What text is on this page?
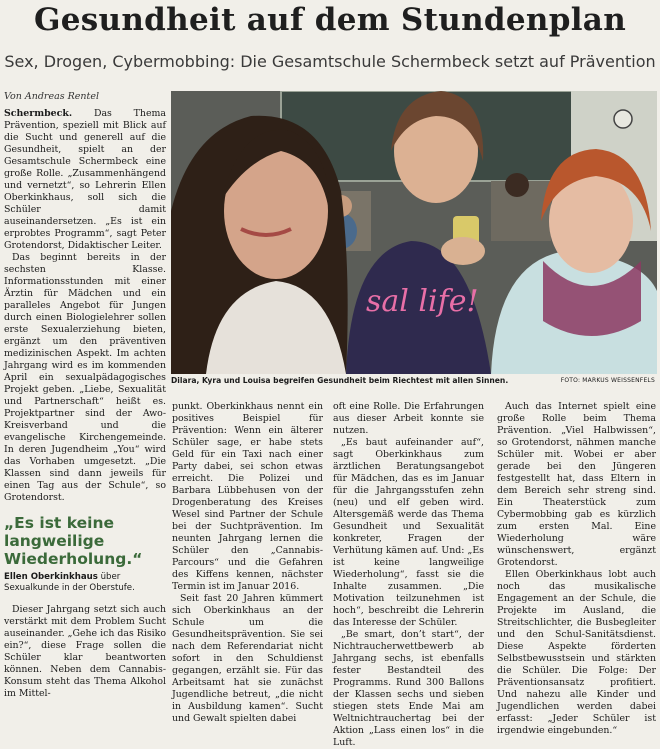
Gesundheit auf dem Stundenplan
Sex, Drogen, Cybermobbing: Die Gesamtschule Schermbeck setzt auf Prävention
Von Andreas Rentel

Schermbeck. Das Thema Prävention, speziell mit Blick auf die Sucht und generell auf die Gesundheit, spielt an der Gesamtschule Schermbeck eine große Rolle. „Zusammenhängend und vernetzt“, so Lehrerin Ellen Oberkinkhaus, soll sich die Schüler damit auseinandersetzen. „Es ist ein erprobtes Programm“, sagt Peter Grotendorst, Didaktischer Leiter.

Das beginnt bereits in der sechsten Klasse. Informationsstunden mit einer Ärztin für Mädchen und ein paralleles Angebot für Jungen durch einen Biologielehrer sollen erste Sexualerziehung bieten, ergänzt um den präventiven medizinischen Aspekt. Im achten Jahrgang wird es im kommenden April ein sexualpädagogisches Projekt geben. „Liebe, Sexualität und Partnerschaft“ heißt es. Projektpartner sind der Awo-Kreisverband und die evangelische Kirchengemeinde. In deren Jugendheim „You“ wird das Vorhaben umgesetzt. „Die Klassen sind dann jeweils für einen Tag aus der Schule“, so Grotendorst.

„Es ist keine langweilige Wiederholung.“
Ellen Oberkinkhaus über Sexualkunde in der Oberstufe.

Dieser Jahrgang setzt sich auch verstärkt mit dem Problem Sucht auseinander. „Gehe ich das Risiko ein?“, diese Frage sollen die Schüler klar beantworten können. Neben dem Cannabis-Konsum steht das Thema Alkohol im Mittel-

sal life!
Dilara, Kyra und Louisa begreifen Gesundheit beim Riechtest mit allen Sinnen.	FOTO: MARKUS WEISSENFELS

punkt. Oberkinkhaus nennt ein positives Beispiel für Prävention: Wenn ein älterer Schüler sage, er habe stets Geld für ein Taxi nach einer Party dabei, sei schon etwas erreicht. Die Polizei und Barbara Lübbehusen von der Drogenberatung des Kreises Wesel sind Partner der Schule bei der Suchtprävention. Im neunten Jahrgang lernen die Schüler den „Cannabis-Parcours“ und die Gefahren des Kiffens kennen, nächster Termin ist im Januar 2016.

Seit fast 20 Jahren kümmert sich Oberkinkhaus an der Schule um die Gesundheitsprävention. Sie sei nach dem Referendariat nicht sofort in den Schuldienst gegangen, erzählt sie. Für das Arbeitsamt hat sie zunächst Jugendliche betreut, „die nicht in Ausbildung kamen“. Sucht und Gewalt spielten dabei

oft eine Rolle. Die Erfahrungen aus dieser Arbeit konnte sie nutzen.

„Es baut aufeinander auf“, sagt Oberkinkhaus zum ärztlichen Beratungsangebot für Mädchen, das es im Januar für die Jahrgangsstufen zehn (neu) und elf geben wird. Altersgemäß werde das Thema Gesundheit und Sexualität konkreter, Fragen der Verhütung kämen auf. Und: „Es ist keine langweilige Wiederholung“, fasst sie die Inhalte zusammen. „Die Motivation teilzunehmen ist hoch“, beschreibt die Lehrerin das Interesse der Schüler.

„Be smart, don’t start“, der Nichtraucherwettbewerb ab Jahrgang sechs, ist ebenfalls fester Bestandteil des Programms. Rund 300 Ballons der Klassen sechs und sieben stiegen stets Ende Mai am Weltnichtrauchertag bei der Aktion „Lass einen los“ in die Luft.

Auch das Internet spielt eine große Rolle beim Thema Prävention. „Viel Halbwissen“, so Grotendorst, nähmen manche Schüler mit. Wobei er aber gerade bei den Jüngeren festgestellt hat, dass Eltern in dem Bereich sehr streng sind. Ein Theaterstück zum Cybermobbing gab es kürzlich zum ersten Mal. Eine Wiederholung wäre wünschenswert, ergänzt Grotendorst.

Ellen Oberkinkhaus lobt auch noch das musikalische Engagement an der Schule, die Projekte im Ausland, die Streitschlichter, die Busbegleiter und den Schul-Sanitätsdienst. Diese Aspekte förderten Selbstbewusstsein und stärkten die Schüler. Die Folge: Der Präventionsansatz profitiert. Und nahezu alle Kinder und Jugendlichen werden dabei erfasst: „Jeder Schüler ist irgendwie eingebunden.“
